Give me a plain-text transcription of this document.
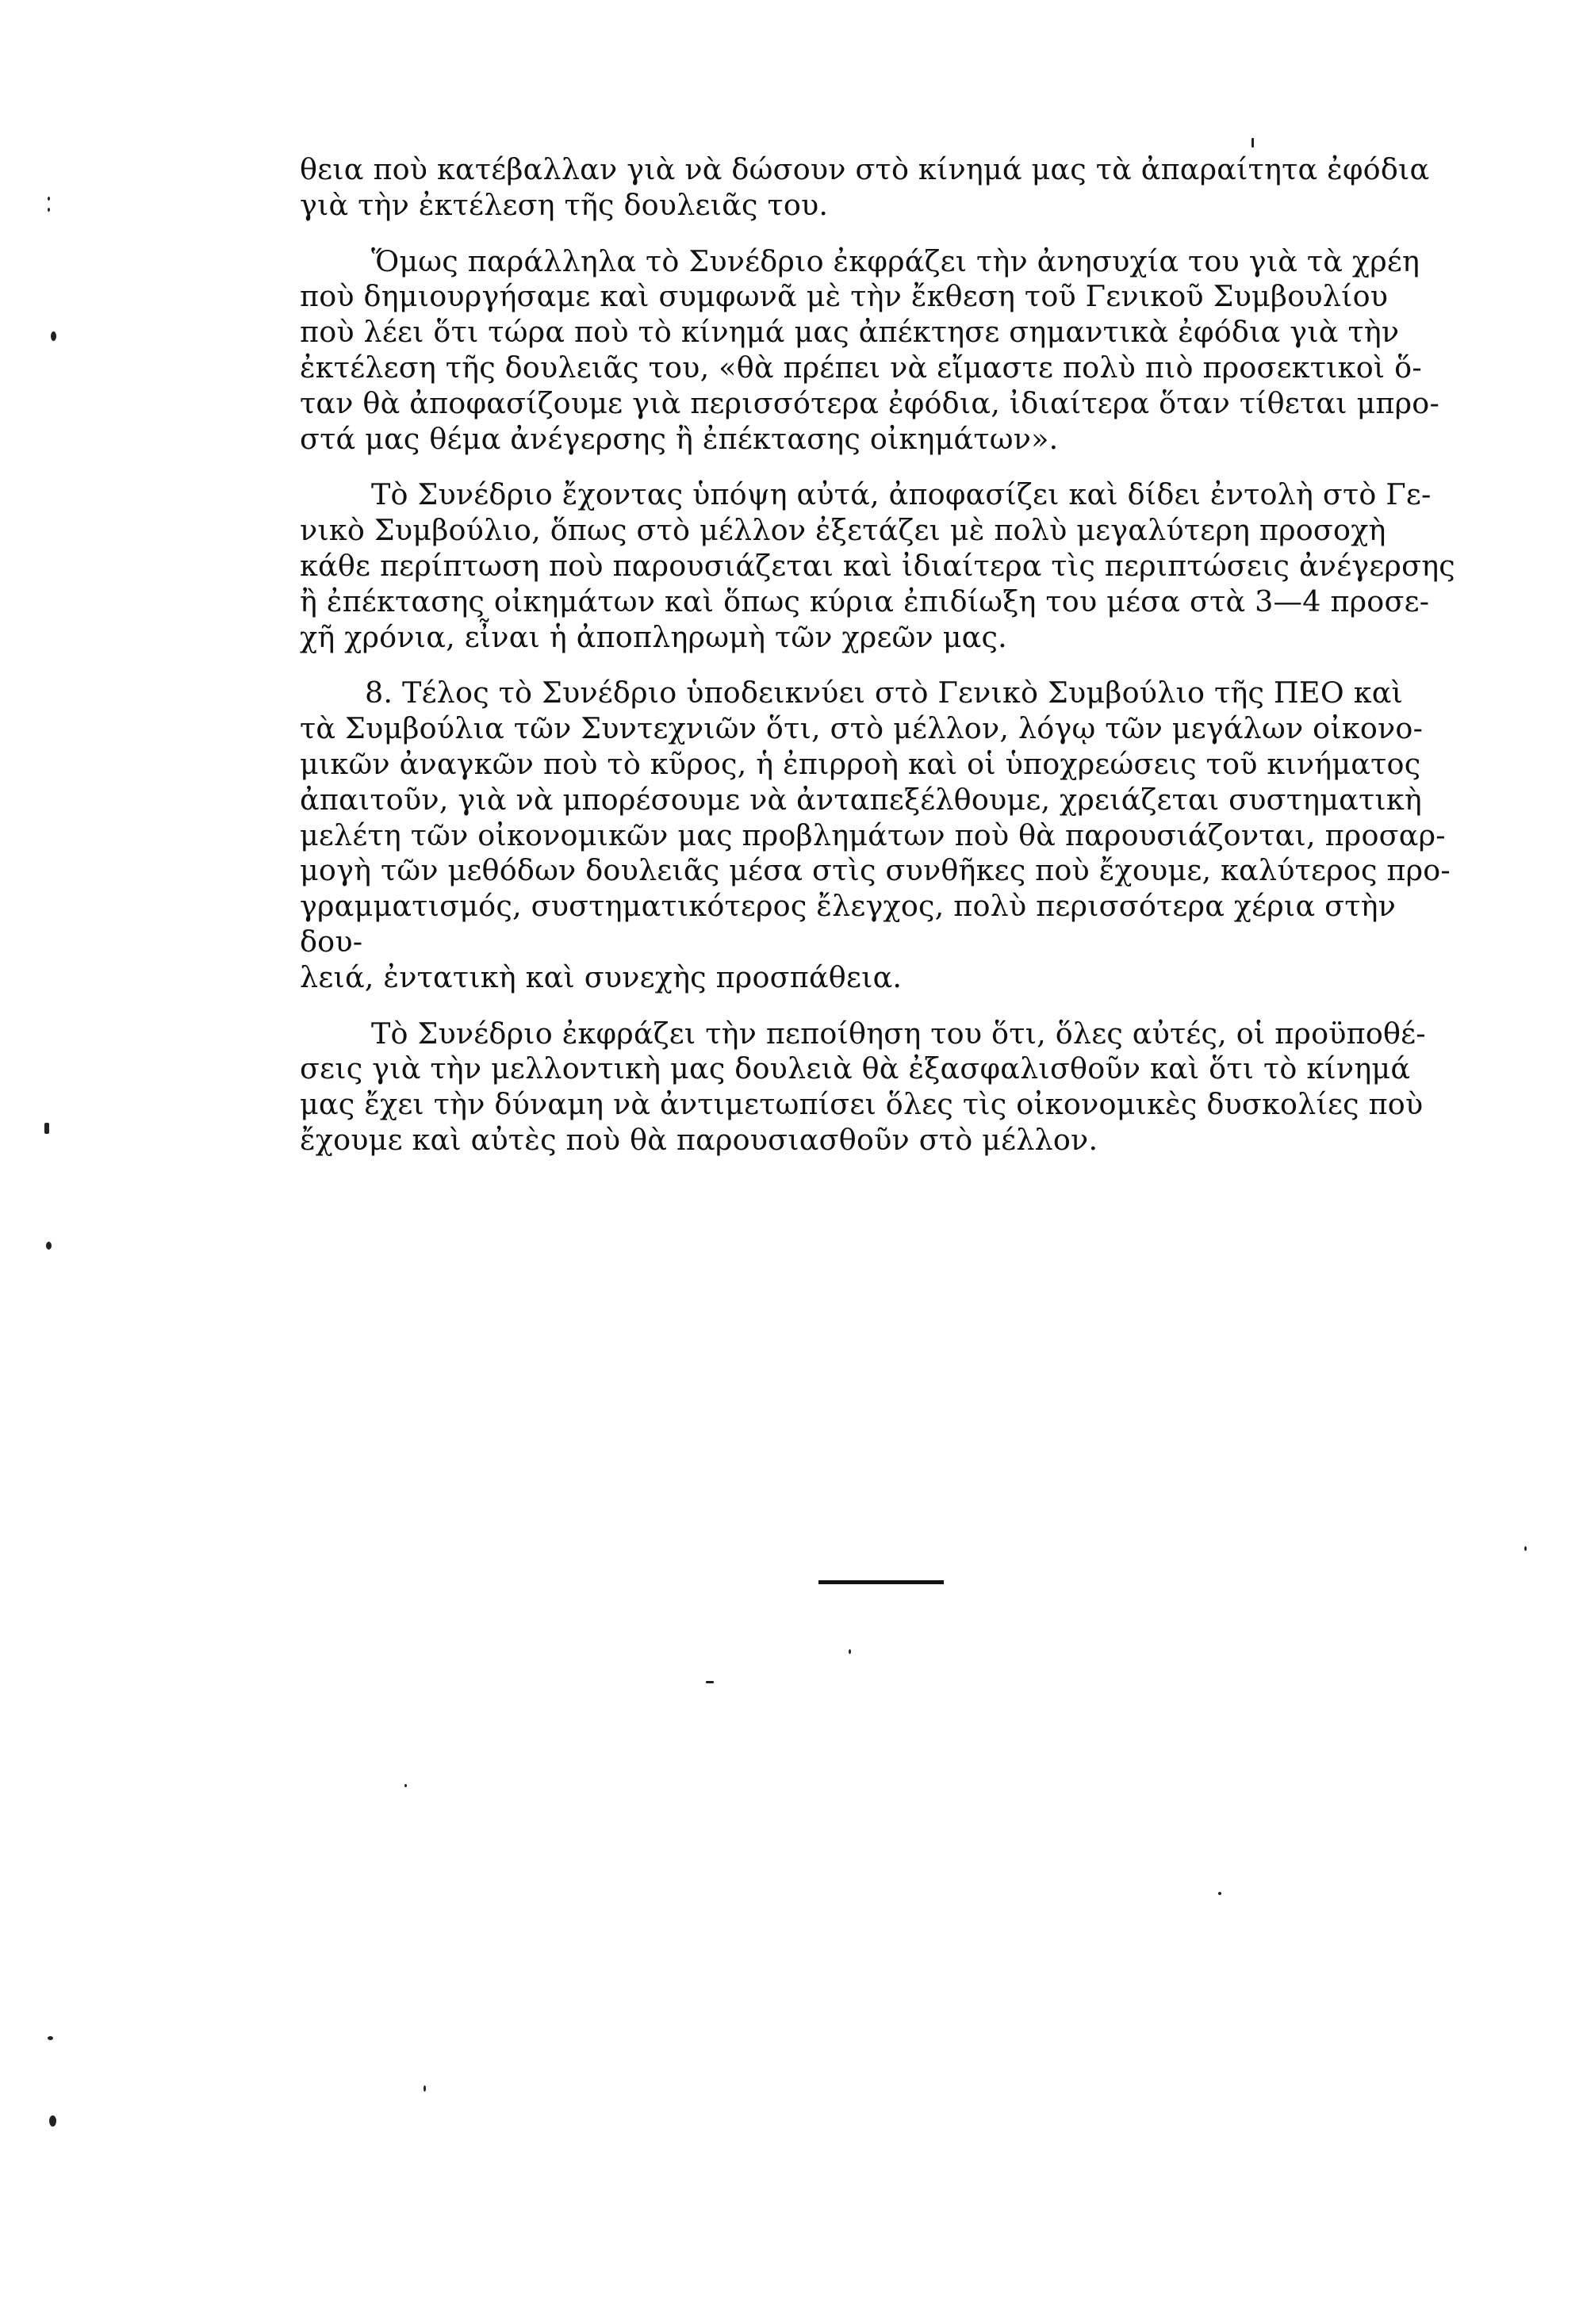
θεια ποὺ κατέβαλλαν γιὰ νὰ δώσουν στὸ κίνημά μας τὰ ἀπαραίτητα ἐφόδια
γιὰ τὴν ἐκτέλεση τῆς δουλειᾶς του.

Ὅμως παράλληλα τὸ Συνέδριο ἐκφράζει τὴν ἀνησυχία του γιὰ τὰ χρέη
ποὺ δημιουργήσαμε καὶ συμφωνᾶ μὲ τὴν ἔκθεση τοῦ Γενικοῦ Συμβουλίου
ποὺ λέει ὅτι τώρα ποὺ τὸ κίνημά μας ἀπέκτησε σημαντικὰ ἐφόδια γιὰ τὴν
ἐκτέλεση τῆς δουλειᾶς του, «θὰ πρέπει νὰ εἴμαστε πολὺ πιὸ προσεκτικοὶ ὅ-
ταν θὰ ἀποφασίζουμε γιὰ περισσότερα ἐφόδια, ἰδιαίτερα ὅταν τίθεται μπρο-
στά μας θέμα ἀνέγερσης ἢ ἐπέκτασης οἰκημάτων».

Τὸ Συνέδριο ἔχοντας ὑπόψη αὐτά, ἀποφασίζει καὶ δίδει ἐντολὴ στὸ Γε-
νικὸ Συμβούλιο, ὅπως στὸ μέλλον ἐξετάζει μὲ πολὺ μεγαλύτερη προσοχὴ
κάθε περίπτωση ποὺ παρουσιάζεται καὶ ἰδιαίτερα τὶς περιπτώσεις ἀνέγερσης
ἢ ἐπέκτασης οἰκημάτων καὶ ὅπως κύρια ἐπιδίωξη του μέσα στὰ 3—4 προσε-
χῆ χρόνια, εἶναι ἡ ἀποπληρωμὴ τῶν χρεῶν μας.

8. Τέλος τὸ Συνέδριο ὑποδεικνύει στὸ Γενικὸ Συμβούλιο τῆς ΠΕΟ καὶ
τὰ Συμβούλια τῶν Συντεχνιῶν ὅτι, στὸ μέλλον, λόγῳ τῶν μεγάλων οἰκονο-
μικῶν ἀναγκῶν ποὺ τὸ κῦρος, ἡ ἐπιρροὴ καὶ οἱ ὑποχρεώσεις τοῦ κινήματος
ἀπαιτοῦν, γιὰ νὰ μπορέσουμε νὰ ἀνταπεξέλθουμε, χρειάζεται συστηματικὴ
μελέτη τῶν οἰκονομικῶν μας προβλημάτων ποὺ θὰ παρουσιάζονται, προσαρ-
μογὴ τῶν μεθόδων δουλειᾶς μέσα στὶς συνθῆκες ποὺ ἔχουμε, καλύτερος προ-
γραμματισμός, συστηματικότερος ἔλεγχος, πολὺ περισσότερα χέρια στὴν δου-
λειά, ἐντατικὴ καὶ συνεχὴς προσπάθεια.

Τὸ Συνέδριο ἐκφράζει τὴν πεποίθηση του ὅτι, ὅλες αὐτές, οἱ προϋποθέ-
σεις γιὰ τὴν μελλοντικὴ μας δουλειὰ θὰ ἐξασφαλισθοῦν καὶ ὅτι τὸ κίνημά
μας ἔχει τὴν δύναμη νὰ ἀντιμετωπίσει ὅλες τὶς οἰκονομικὲς δυσκολίες ποὺ
ἔχουμε καὶ αὐτὲς ποὺ θὰ παρουσιασθοῦν στὸ μέλλον.
